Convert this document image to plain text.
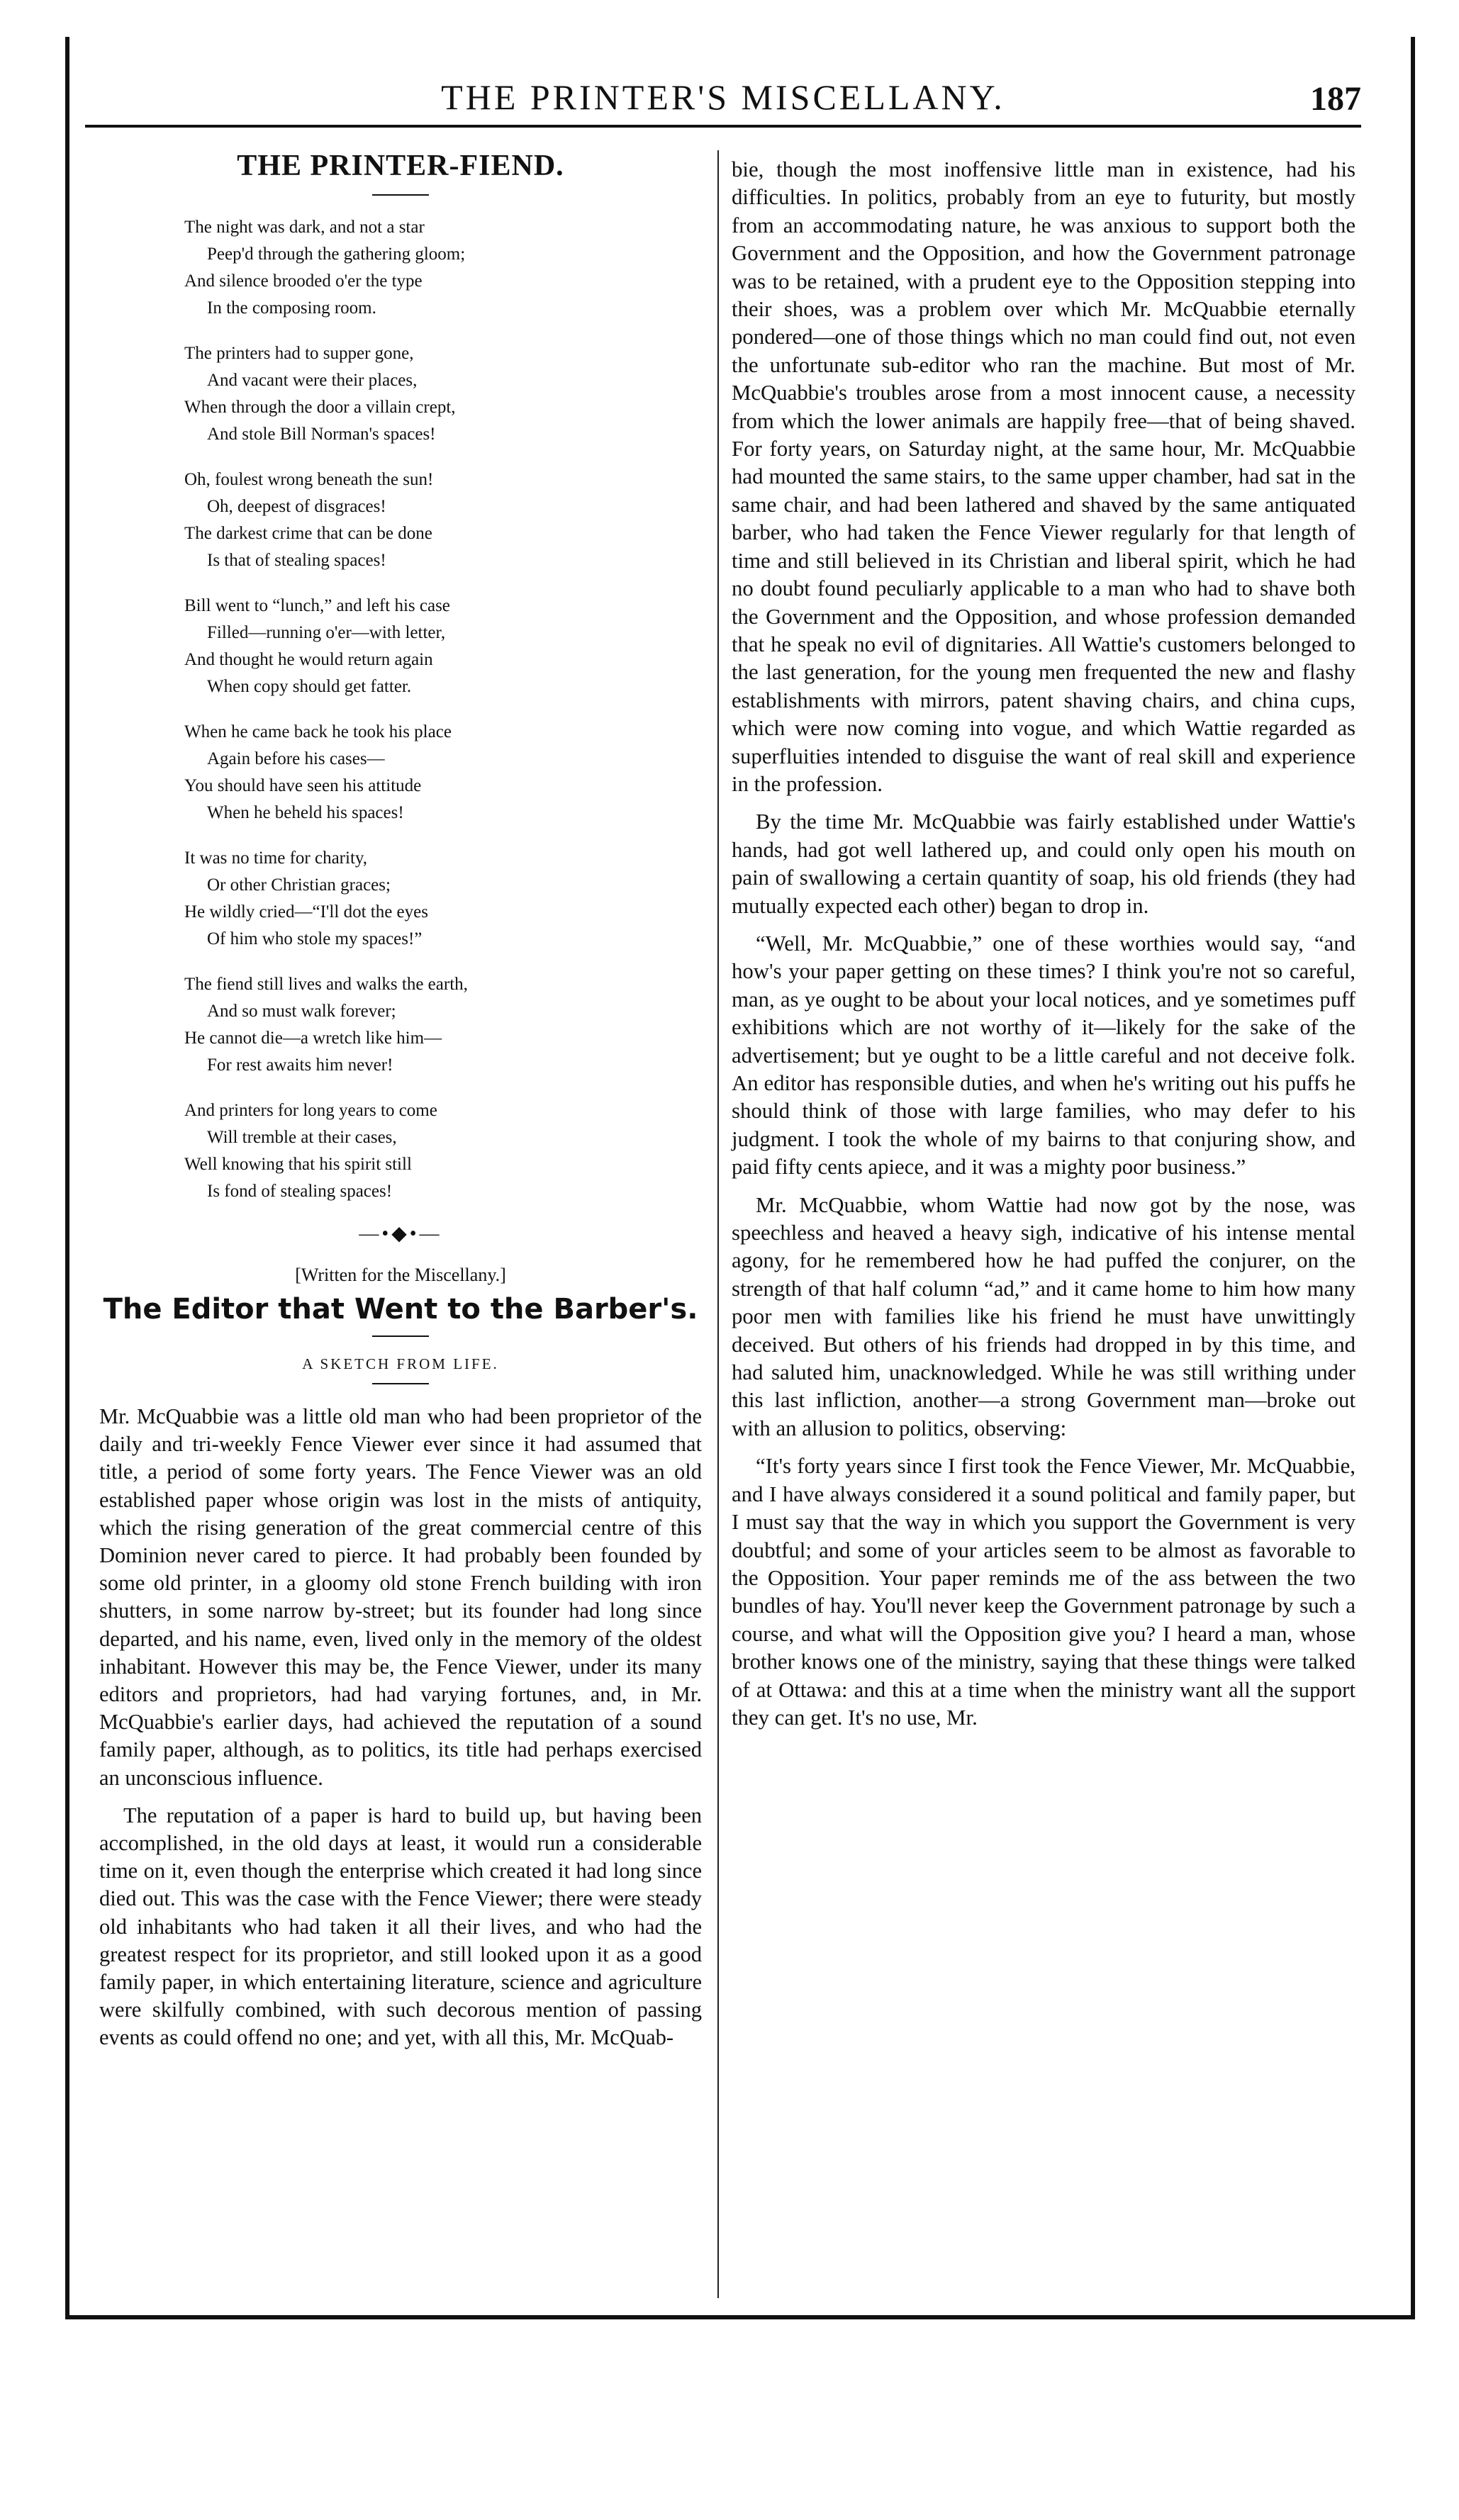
THE PRINTER'S MISCELLANY.	187
THE PRINTER-FIEND.
The night was dark, and not a star
Peep'd through the gathering gloom;
And silence brooded o'er the type
In the composing room.
The printers had to supper gone,
And vacant were their places,
When through the door a villain crept,
And stole Bill Norman's spaces!
Oh, foulest wrong beneath the sun!
Oh, deepest of disgraces!
The darkest crime that can be done
Is that of stealing spaces!
Bill went to “lunch,” and left his case
Filled—running o'er—with letter,
And thought he would return again
When copy should get fatter.
When he came back he took his place
Again before his cases—
You should have seen his attitude
When he beheld his spaces!
It was no time for charity,
Or other Christian graces;
He wildly cried—“I'll dot the eyes
Of him who stole my spaces!”
The fiend still lives and walks the earth,
And so must walk forever;
He cannot die—a wretch like him—
For rest awaits him never!
And printers for long years to come
Will tremble at their cases,
Well knowing that his spirit still
Is fond of stealing spaces!
—•◆•—
[Written for the Miscellany.]
The Editor that Went to the Barber's.
A SKETCH FROM LIFE.

Mr. McQuabbie was a little old man who had been proprietor of the daily and tri-weekly Fence Viewer ever since it had assumed that title, a period of some forty years. The Fence Viewer was an old established paper whose origin was lost in the mists of antiquity, which the rising generation of the great commercial centre of this Dominion never cared to pierce. It had probably been founded by some old printer, in a gloomy old stone French building with iron shutters, in some narrow by-street; but its founder had long since departed, and his name, even, lived only in the memory of the oldest inhabitant. However this may be, the Fence Viewer, under its many editors and proprietors, had had varying fortunes, and, in Mr. McQuabbie's earlier days, had achieved the reputation of a sound family paper, although, as to politics, its title had perhaps exercised an unconscious influence.

The reputation of a paper is hard to build up, but having been accomplished, in the old days at least, it would run a considerable time on it, even though the enterprise which created it had long since died out. This was the case with the Fence Viewer; there were steady old inhabitants who had taken it all their lives, and who had the greatest respect for its proprietor, and still looked upon it as a good family paper, in which entertaining literature, science and agriculture were skilfully combined, with such decorous mention of passing events as could offend no one; and yet, with all this, Mr. McQuab-

bie, though the most inoffensive little man in existence, had his difficulties. In politics, probably from an eye to futurity, but mostly from an accommodating nature, he was anxious to support both the Government and the Opposition, and how the Government patronage was to be retained, with a prudent eye to the Opposition stepping into their shoes, was a problem over which Mr. McQuabbie eternally pondered—one of those things which no man could find out, not even the unfortunate sub-editor who ran the machine. But most of Mr. McQuabbie's troubles arose from a most innocent cause, a necessity from which the lower animals are happily free—that of being shaved. For forty years, on Saturday night, at the same hour, Mr. McQuabbie had mounted the same stairs, to the same upper chamber, had sat in the same chair, and had been lathered and shaved by the same antiquated barber, who had taken the Fence Viewer regularly for that length of time and still believed in its Christian and liberal spirit, which he had no doubt found peculiarly applicable to a man who had to shave both the Government and the Opposition, and whose profession demanded that he speak no evil of dignitaries. All Wattie's customers belonged to the last generation, for the young men frequented the new and flashy establishments with mirrors, patent shaving chairs, and china cups, which were now coming into vogue, and which Wattie regarded as superfluities intended to disguise the want of real skill and experience in the profession.

By the time Mr. McQuabbie was fairly established under Wattie's hands, had got well lathered up, and could only open his mouth on pain of swallowing a certain quantity of soap, his old friends (they had mutually expected each other) began to drop in.

“Well, Mr. McQuabbie,” one of these worthies would say, “and how's your paper getting on these times? I think you're not so careful, man, as ye ought to be about your local notices, and ye sometimes puff exhibitions which are not worthy of it—likely for the sake of the advertisement; but ye ought to be a little careful and not deceive folk. An editor has responsible duties, and when he's writing out his puffs he should think of those with large families, who may defer to his judgment. I took the whole of my bairns to that conjuring show, and paid fifty cents apiece, and it was a mighty poor business.”

Mr. McQuabbie, whom Wattie had now got by the nose, was speechless and heaved a heavy sigh, indicative of his intense mental agony, for he remembered how he had puffed the conjurer, on the strength of that half column “ad,” and it came home to him how many poor men with families like his friend he must have unwittingly deceived. But others of his friends had dropped in by this time, and had saluted him, unacknowledged. While he was still writhing under this last infliction, another—a strong Government man—broke out with an allusion to politics, observing:

“It's forty years since I first took the Fence Viewer, Mr. McQuabbie, and I have always considered it a sound political and family paper, but I must say that the way in which you support the Government is very doubtful; and some of your articles seem to be almost as favorable to the Opposition. Your paper reminds me of the ass between the two bundles of hay. You'll never keep the Government patronage by such a course, and what will the Opposition give you? I heard a man, whose brother knows one of the ministry, saying that these things were talked of at Ottawa: and this at a time when the ministry want all the support they can get. It's no use, Mr.
